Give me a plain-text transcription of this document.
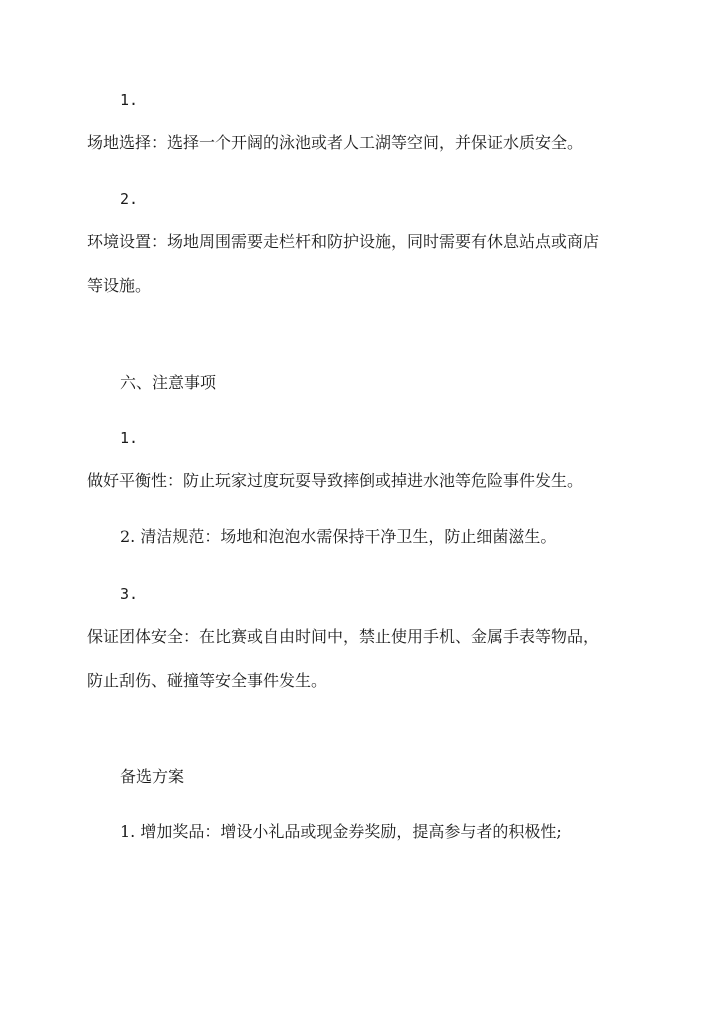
1.
场地选择：选择一个开阔的泳池或者人工湖等空间，并保证水质安全。
2.
环境设置：场地周围需要走栏杆和防护设施，同时需要有休息站点或商店
等设施。
六、注意事项
1.
做好平衡性：防止玩家过度玩耍导致摔倒或掉进水池等危险事件发生。
2. 清洁规范：场地和泡泡水需保持干净卫生，防止细菌滋生。
3.
保证团体安全：在比赛或自由时间中，禁止使用手机、金属手表等物品，
防止刮伤、碰撞等安全事件发生。
备选方案
1. 增加奖品：增设小礼品或现金券奖励，提高参与者的积极性;
